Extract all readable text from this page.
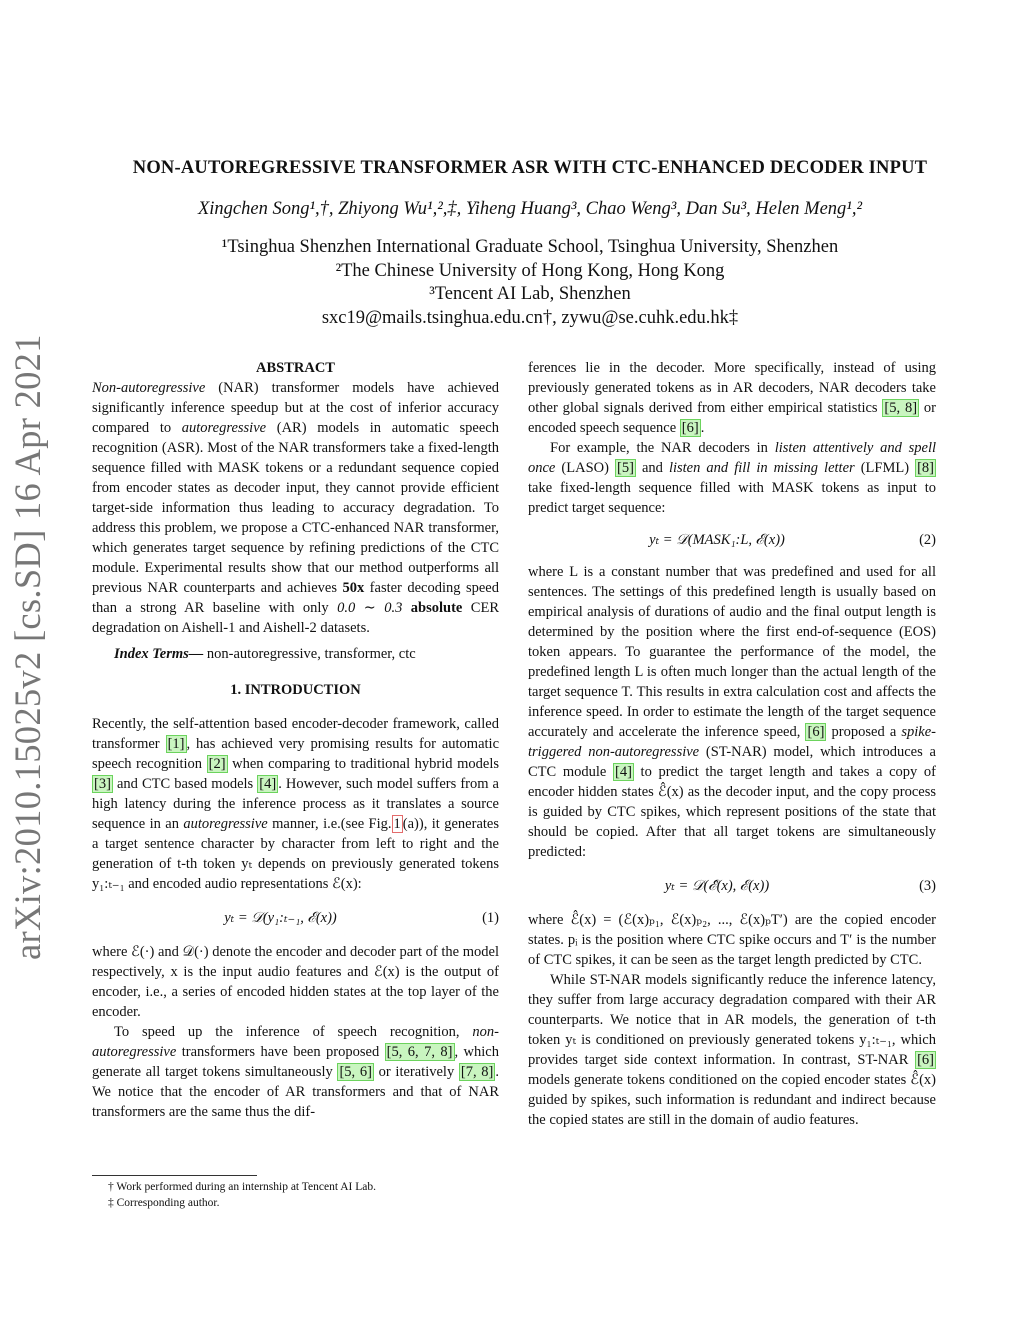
arXiv:2010.15025v2 [cs.SD] 16 Apr 2021
NON-AUTOREGRESSIVE TRANSFORMER ASR WITH CTC-ENHANCED DECODER INPUT
Xingchen Song¹,†, Zhiyong Wu¹,²,‡, Yiheng Huang³, Chao Weng³, Dan Su³, Helen Meng¹,²
¹Tsinghua Shenzhen International Graduate School, Tsinghua University, Shenzhen
²The Chinese University of Hong Kong, Hong Kong
³Tencent AI Lab, Shenzhen
sxc19@mails.tsinghua.edu.cn†, zywu@se.cuhk.edu.hk‡
ABSTRACT

Non-autoregressive (NAR) transformer models have achieved significantly inference speedup but at the cost of inferior accuracy compared to autoregressive (AR) models in automatic speech recognition (ASR). Most of the NAR transformers take a fixed-length sequence filled with MASK tokens or a redundant sequence copied from encoder states as decoder input, they cannot provide efficient target-side information thus leading to accuracy degradation. To address this problem, we propose a CTC-enhanced NAR transformer, which generates target sequence by refining predictions of the CTC module. Experimental results show that our method outperforms all previous NAR counterparts and achieves 50x faster decoding speed than a strong AR baseline with only 0.0 ∼ 0.3 absolute CER degradation on Aishell-1 and Aishell-2 datasets.

Index Terms— non-autoregressive, transformer, ctc

1. INTRODUCTION

Recently, the self-attention based encoder-decoder framework, called transformer [1] , has achieved very promising results for automatic speech recognition [2] when comparing to traditional hybrid models [3] and CTC based models [4] . However, such model suffers from a high latency during the inference process as it translates a source sequence in an autoregressive manner, i.e.(see Fig. 1 (a)), it generates a target sentence character by character from left to right and the generation of t-th token yₜ depends on previously generated tokens y₁:ₜ₋₁ and encoded audio representations ℰ(x):

yₜ = 𝒟(y₁:ₜ₋₁, ℰ(x))	(1)

where ℰ(·) and 𝒟(·) denote the encoder and decoder part of the model respectively, x is the input audio features and ℰ(x) is the output of encoder, i.e., a series of encoded hidden states at the top layer of the encoder.

To speed up the inference of speech recognition, non-autoregressive transformers have been proposed [5, 6, 7, 8] , which generate all target tokens simultaneously [5, 6] or iteratively [7, 8] . We notice that the encoder of AR transformers and that of NAR transformers are the same thus the dif-

ferences lie in the decoder. More specifically, instead of using previously generated tokens as in AR decoders, NAR decoders take other global signals derived from either empirical statistics [5, 8] or encoded speech sequence [6] .

For example, the NAR decoders in listen attentively and spell once (LASO) [5] and listen and fill in missing letter (LFML) [8] take fixed-length sequence filled with MASK tokens as input to predict target sequence:

yₜ = 𝒟(MASK₁:L, ℰ(x))	(2)

where L is a constant number that was predefined and used for all sentences. The settings of this predefined length is usually based on empirical analysis of durations of audio and the final output length is determined by the position where the first end-of-sequence (EOS) token appears. To guarantee the performance of the model, the predefined length L is often much longer than the actual length of the target sequence T. This results in extra calculation cost and affects the inference speed. In order to estimate the length of the target sequence accurately and accelerate the inference speed, [6] proposed a spike-triggered non-autoregressive (ST-NAR) model, which introduces a CTC module [4] to predict the target length and takes a copy of encoder hidden states ℰ̂(x) as the decoder input, and the copy process is guided by CTC spikes, which represent positions of the state that should be copied. After that all target tokens are simultaneously predicted:

yₜ = 𝒟(ℰ̂(x), ℰ(x))	(3)

where ℰ̂(x) = (ℰ(x)ₚ₁, ℰ(x)ₚ₂, ..., ℰ(x)ₚT′) are the copied encoder states. pᵢ is the position where CTC spike occurs and T′ is the number of CTC spikes, it can be seen as the target length predicted by CTC.

While ST-NAR models significantly reduce the inference latency, they suffer from large accuracy degradation compared with their AR counterparts. We notice that in AR models, the generation of t-th token yₜ is conditioned on previously generated tokens y₁:ₜ₋₁, which provides target side context information. In contrast, ST-NAR [6] models generate tokens conditioned on the copied encoder states ℰ̂(x) guided by spikes, such information is redundant and indirect because the copied states are still in the domain of audio features.

† Work performed during an internship at Tencent AI Lab.
‡ Corresponding author.
